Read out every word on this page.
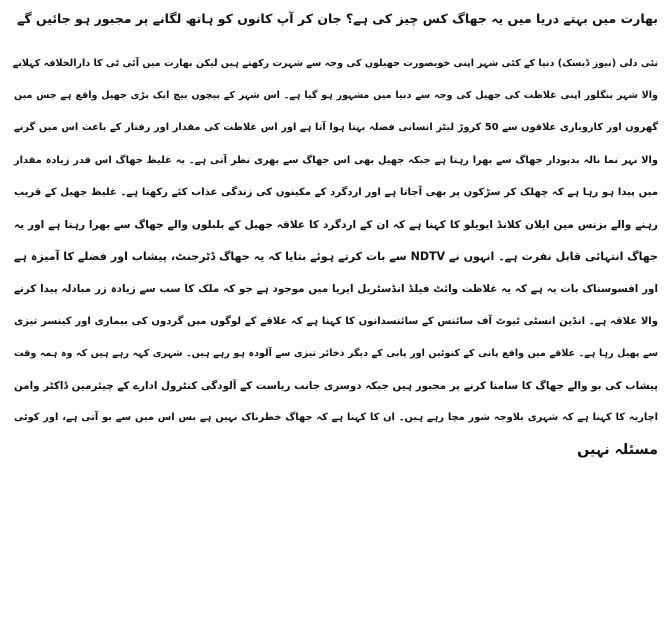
بھارت میں بہتے دریا میں یہ جھاگ کس چیز کی ہے؟ جان کر آپ کانوں کو ہاتھ لگانے پر مجبور ہو جائیں گے
نئی دلی (نیوز ڈیسک) دنیا کے کئی شہر اپنی خوبصورت جھیلوں کی وجہ سے شہرت رکھتے ہیں لیکن بھارت میں آئی ٹی کا دارالخلافہ کہلانے
والا شہر بنگلور اپنی غلاظت کی جھیل کی وجہ سے دنیا میں مشہور ہو گیا ہے۔ اس شہر کے بیچوں بیچ ایک بڑی جھیل واقع ہے جس میں
گھروں اور کاروباری علاقوں سے 50 کروڑ لیٹر انسانی فضلہ بہتا ہوا آتا ہے اور اس غلاظت کی مقدار اور رفتار کے باعث اس میں گرنے
والا نہر نما نالہ بدبودار جھاگ سے بھرا رہتا ہے جبکہ جھیل بھی اس جھاگ سے بھری نظر آتی ہے۔ یہ غلیظ جھاگ اس قدر زیادہ مقدار
میں پیدا ہو رہا ہے کہ چھلک کر سڑکوں پر بھی آجاتا ہے اور اردگرد کے مکینوں کی زندگی عذاب کئے رکھتا ہے۔ غلیظ جھیل کے قریب
رہنے والے بزنس مین ایلان کلانڈ ایویلو کا کہنا ہے کہ ان کے اردگرد کا علاقہ جھیل کے بلبلوں والے جھاگ سے بھرا رہتا ہے اور یہ
جھاگ انتہائی قابل نفرت ہے۔ انہوں نے NDTV سے بات کرتے ہوئے بتایا کہ یہ جھاگ ڈٹرجنٹ، پیشاب اور فضلے کا آمیزہ ہے
اور افسوسناک بات یہ ہے کہ یہ غلاظت وائٹ فیلڈ انڈسٹریل ایریا میں موجود ہے جو کہ ملک کا سب سے زیادہ زر مبادلہ پیدا کرنے
والا علاقہ ہے۔ انڈین انسٹی ٹیوٹ آف سائنس کے سائنسدانوں کا کہنا ہے کہ علاقے کے لوگوں میں گردوں کی بیماری اور کینسر تیزی
سے پھیل رہا ہے۔ علاقے میں واقع پانی کے کنوئیں اور پانی کے دیگر ذخائر تیزی سے آلودہ ہو رہے ہیں۔ شہری کہہ رہے ہیں کہ وہ ہمہ وقت
پیشاب کی بو والے جھاگ کا سامنا کرنے پر مجبور ہیں جبکہ دوسری جانب ریاست کے آلودگی کنٹرول ادارے کے چیئرمین ڈاکٹر وامن
اچاریہ کا کہنا ہے کہ شہری بلاوجہ شور مچا رہے ہیں۔ ان کا کہنا ہے کہ جھاگ خطرناک نہیں ہے بس اس میں سے بو آتی ہے، اور کوئی
مسئلہ نہیں
